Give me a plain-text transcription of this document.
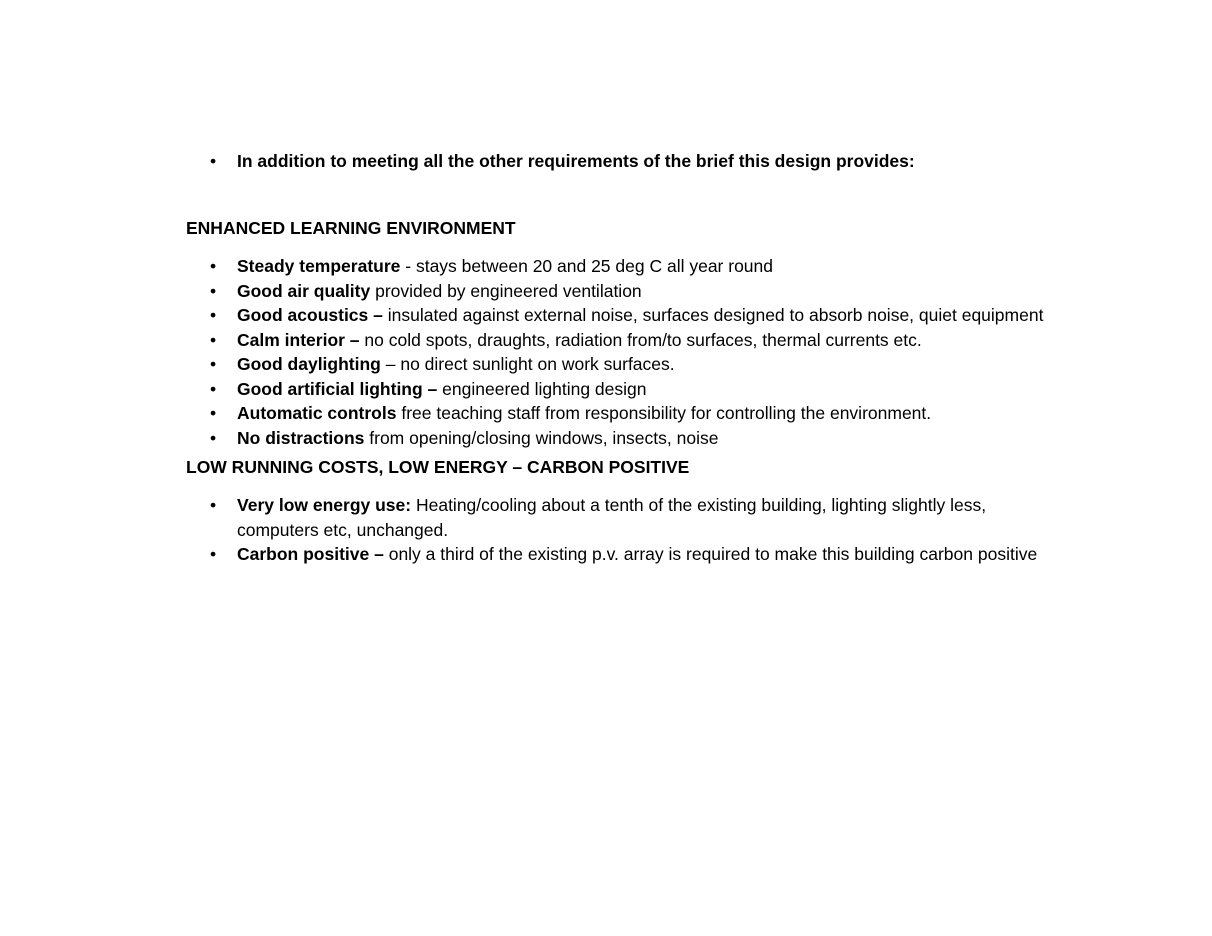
•	In addition to meeting all the other requirements of the brief this design provides:
ENHANCED LEARNING ENVIRONMENT
•	Steady temperature - stays between 20 and 25 deg C all year round
•	Good air quality provided by engineered ventilation
•	Good acoustics – insulated against external noise, surfaces designed to absorb noise, quiet equipment
•	Calm interior – no cold spots, draughts, radiation from/to surfaces, thermal currents etc.
•	Good daylighting – no direct sunlight on work surfaces.
•	Good artificial lighting – engineered lighting design
•	Automatic controls free teaching staff from responsibility for controlling the environment.
•	No distractions from opening/closing windows, insects, noise
LOW RUNNING COSTS, LOW ENERGY – CARBON POSITIVE
•	Very low energy use: Heating/cooling about a tenth of the existing building, lighting slightly less,
computers etc, unchanged.
•	Carbon positive – only a third of the existing p.v. array is required to make this building carbon positive
